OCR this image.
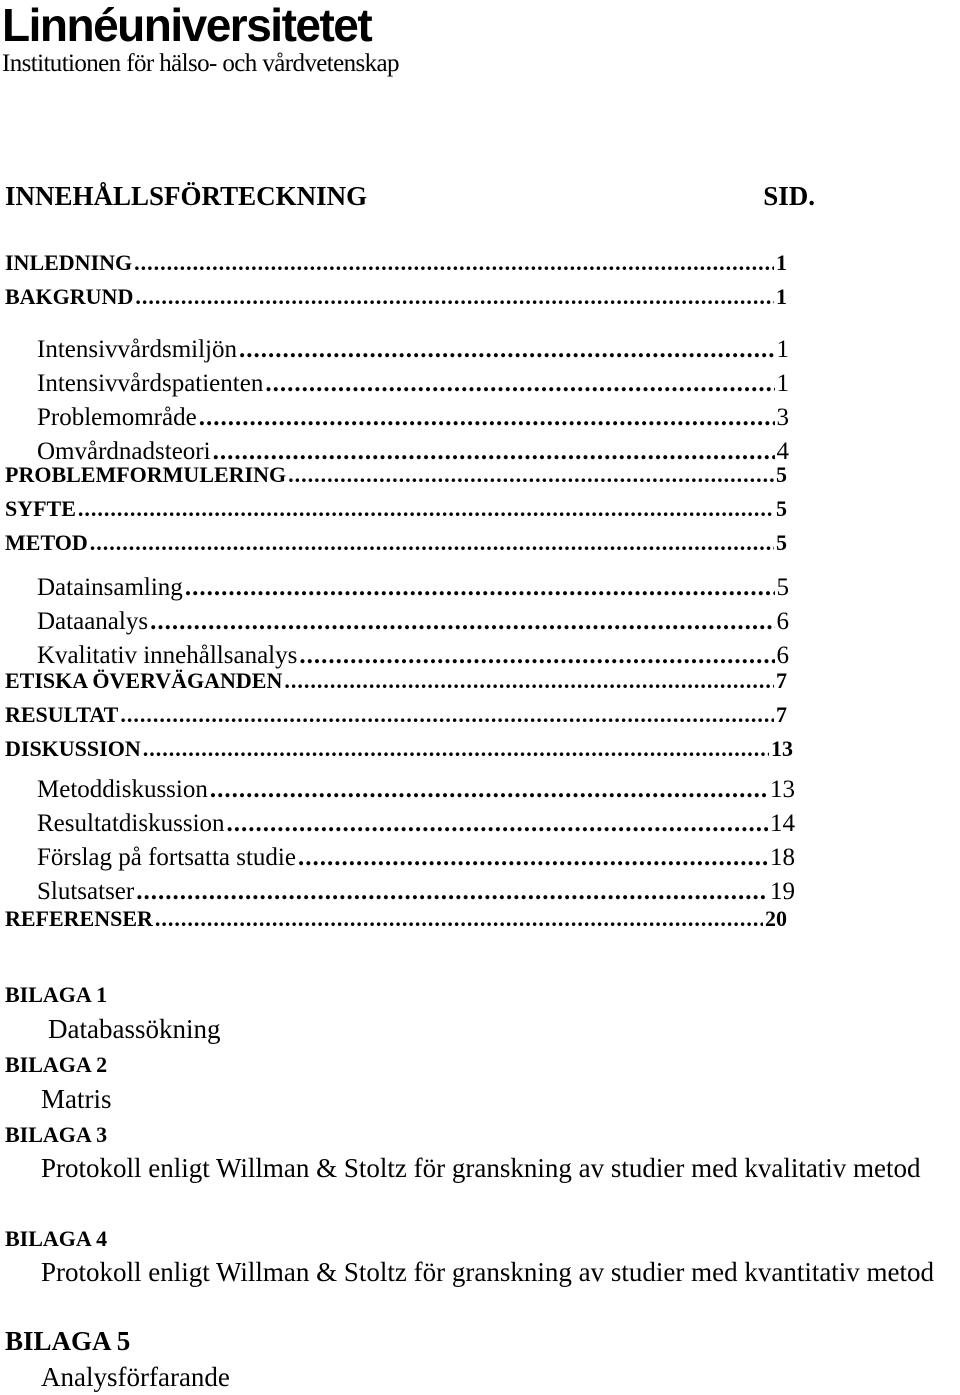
Linnéuniversitetet
Institutionen för hälso- och vårdvetenskap
INNEHÅLLSFÖRTECKNING	SID.
INLEDNING .....	1
BAKGRUND .....	1
Intensivvårdsmiljön .....	1
Intensivvårdspatienten .....	1
Problemområde .....	3
Omvårdnadsteori .....	4
PROBLEMFORMULERING .....	5
SYFTE .....	5
METOD .....	5
Datainsamling .....	5
Dataanalys .....	6
Kvalitativ innehållsanalys .....	6
ETISKA ÖVERVÄGANDEN .....	7
RESULTAT .....	7
DISKUSSION .....	13
Metoddiskussion .....	13
Resultatdiskussion .....	14
Förslag på fortsatta studie .....	18
Slutsatser .....	19
REFERENSER .....	20
BILAGA 1
Databassökning
BILAGA 2
Matris
BILAGA 3
Protokoll enligt Willman & Stoltz för granskning av studier med kvalitativ metod
BILAGA 4
Protokoll enligt Willman & Stoltz för granskning av studier med kvantitativ metod
BILAGA 5
Analysförfarande
